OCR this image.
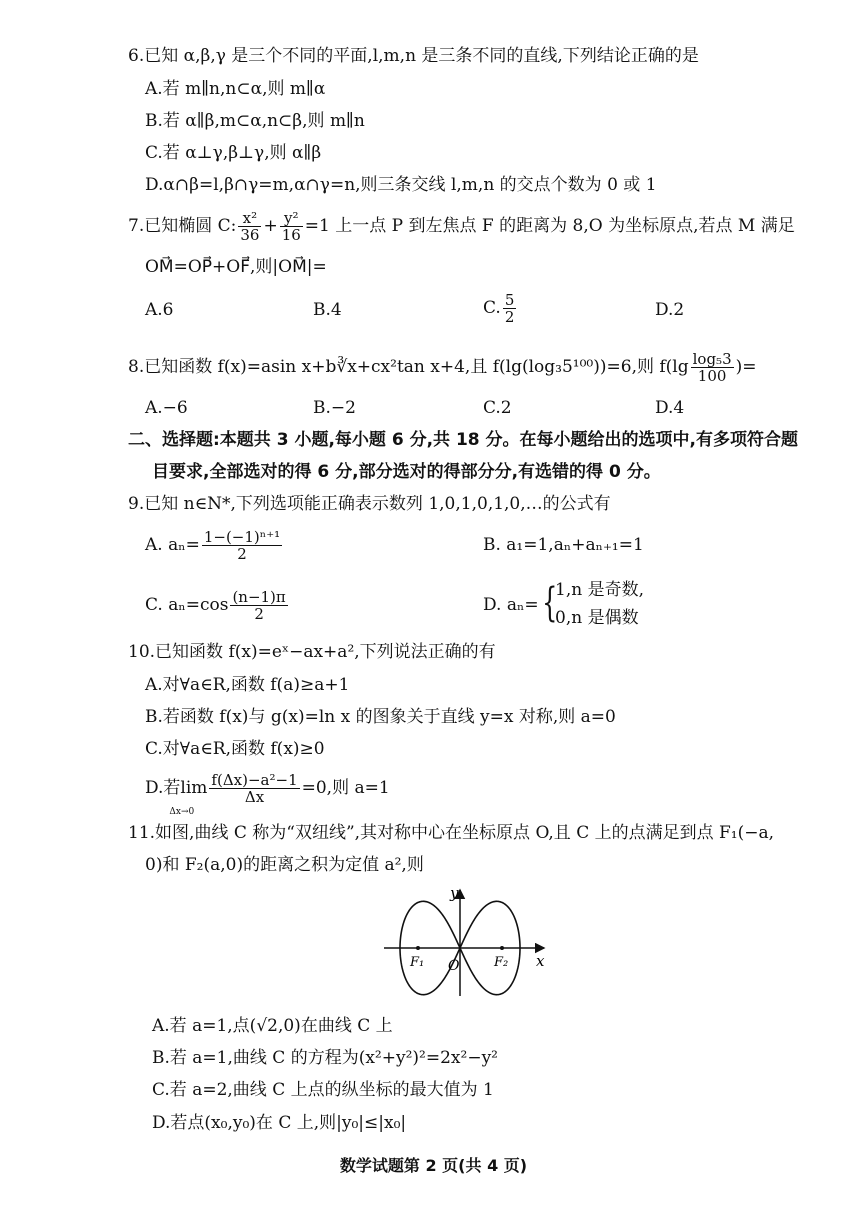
6.已知 α,β,γ 是三个不同的平面,l,m,n 是三条不同的直线,下列结论正确的是
A.若 m∥n,n⊂α,则 m∥α
B.若 α∥β,m⊂α,n⊂β,则 m∥n
C.若 α⊥γ,β⊥γ,则 α∥β
D.α∩β=l,β∩γ=m,α∩γ=n,则三条交线 l,m,n 的交点个数为 0 或 1
7.已知椭圆 C: $\frac{\text{x²}}{36} + \frac{\text{y²}}{16} =1$ 上一点 P 到左焦点 F 的距离为 8,O 为坐标原点,若点 M 满足
OM⃗=OP⃗+OF⃗,则|OM⃗|=
A.6	B.4	C. $\frac{5}{2}$	D.2
8.已知函数 f(x)=asin x+b∛x+cx²tan x+4,且 f(lg(log₃5¹⁰⁰))=6,则 $f(\lg \frac{\text{log₅3}}{100}$ )=
A.−6	B.−2	C.2	D.4
二、选择题:本题共 3 小题,每小题 6 分,共 18 分。在每小题给出的选项中,有多项符合题
目要求,全部选对的得 6 分,部分选对的得部分分,有选错的得 0 分。
9.已知 n∈N*,下列选项能正确表示数列 1,0,1,0,1,0,…的公式有
A. $a_n= \frac{\text{1−(−1)ⁿ⁺¹}}{2}$	B. a₁=1,aₙ+aₙ₊₁=1
C. $a_n=\cos \frac{(n-1)\pi}{2}$	D. aₙ= {
1,n 是奇数,
0,n 是偶数
10.已知函数 f(x)=eˣ−ax+a²,下列说法正确的有
A.对∀a∈R,函数 f(a)≥a+1
B.若函数 f(x)与 g(x)=ln x 的图象关于直线 y=x 对称,则 a=0
C.对∀a∈R,函数 f(x)≥0
D.若lim
Δx→0
$\frac{\text{f(Δx)−a²−1}}{\Delta x} =0$,则 a=1
11.如图,曲线 C 称为“双纽线”,其对称中心在坐标原点 O,且 C 上的点满足到点 F₁(−a,
0)和 F₂(a,0)的距离之积为定值 a²,则
y
x
O
F₁	F₂
A.若 a=1,点(√2,0)在曲线 C 上
B.若 a=1,曲线 C 的方程为(x²+y²)²=2x²−y²
C.若 a=2,曲线 C 上点的纵坐标的最大值为 1
D.若点(x₀,y₀)在 C 上,则|y₀|≤|x₀|
数学试题第 2 页(共 4 页)
